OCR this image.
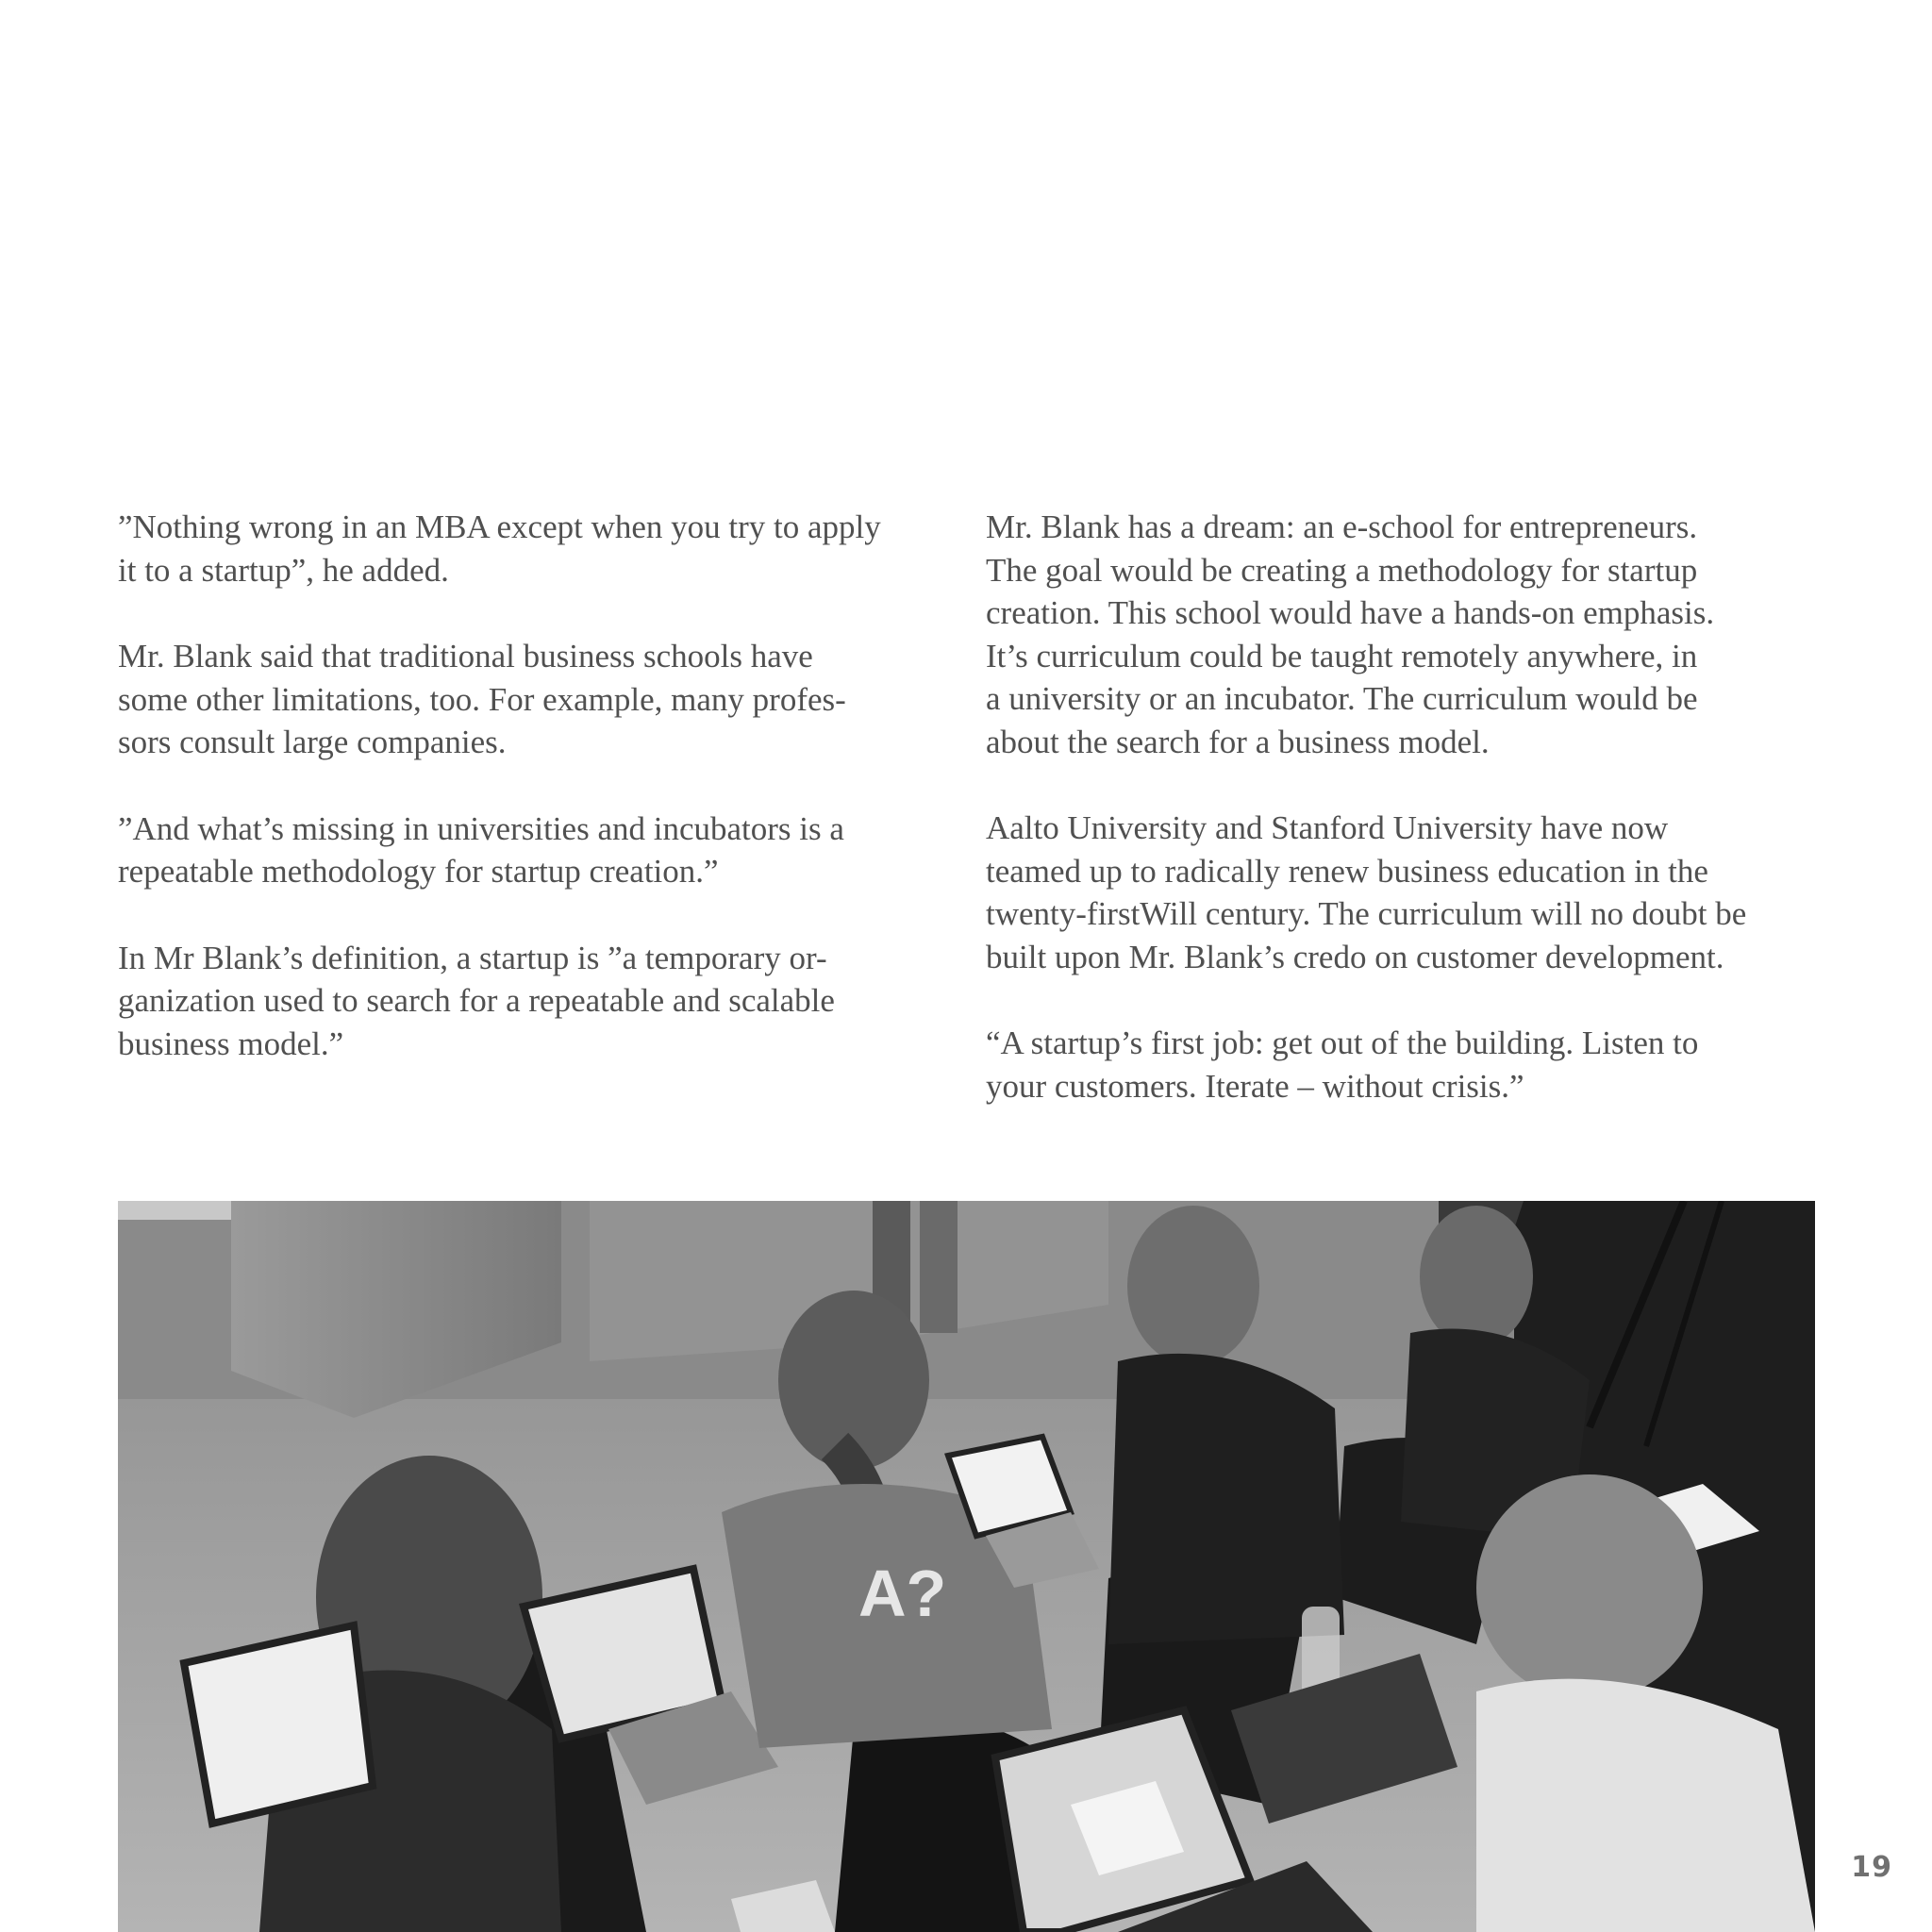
”Nothing wrong in an MBA except when you try to apply
it to a startup”, he added.

Mr. Blank said that traditional business schools have
some other limitations, too. For example, many profes-
sors consult large companies.

”And what’s missing in universities and incubators is a
repeatable methodology for startup creation.”

In Mr Blank’s definition, a startup is ”a temporary or-
ganization used to search for a repeatable and scalable
business model.”

Mr. Blank has a dream: an e-school for entrepreneurs.
The goal would be creating a methodology for startup
creation. This school would have a hands-on emphasis.
It’s curriculum could be taught remotely anywhere, in
a university or an incubator. The curriculum would be
about the search for a business model.

Aalto University and Stanford University have now
teamed up to radically renew business education in the
twenty-firstWill century. The curriculum will no doubt be
built upon Mr. Blank’s credo on customer development.

“A startup’s first job: get out of the building. Listen to
your customers. Iterate – without crisis.”

A?
19
